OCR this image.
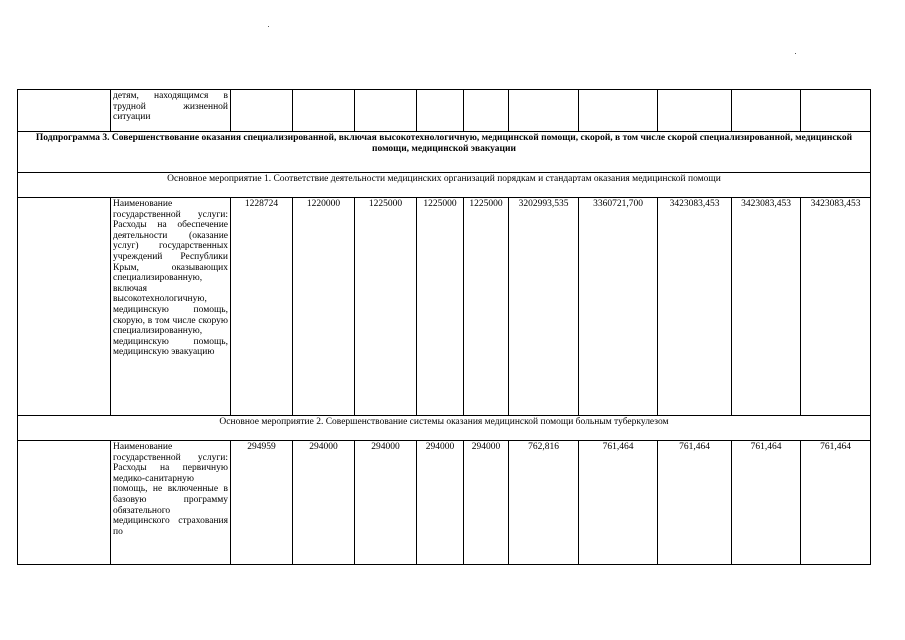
	детям, находящимся в трудной жизненной ситуации										
Подпрограмма 3. Совершенствование оказания специализированной, включая высокотехнологичную, медицинской помощи, скорой, в том числе скорой специализированной, медицинской помощи, медицинской эвакуации											
Основное мероприятие 1. Соответствие деятельности медицинских организаций порядкам и стандартам оказания медицинской помощи											
	Наименование государственной услуги: Расходы на обеспечение деятельности (оказание услуг) государственных учреждений Республики Крым, оказывающих специализированную, включая высокотехнологичную, медицинскую помощь, скорую, в том числе скорую специализированную, медицинскую помощь, медицинскую эвакуацию	1228724	1220000	1225000	1225000	1225000	3202993,535	3360721,700	3423083,453	3423083,453	3423083,453
Основное мероприятие 2. Совершенствование системы оказания медицинской помощи больным туберкулезом											
	Наименование государственной услуги: Расходы на первичную медико-санитарную помощь, не включенные в базовую программу обязательного медицинского страхования по	294959	294000	294000	294000	294000	762,816	761,464	761,464	761,464	761,464
